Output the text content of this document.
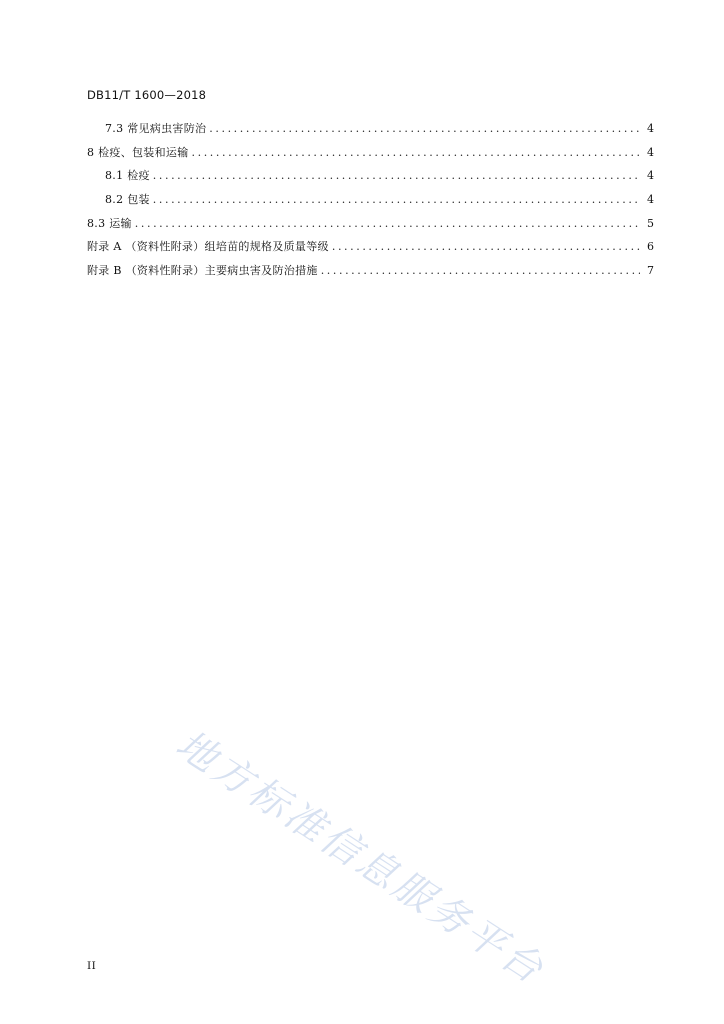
DB11/T 1600—2018
7.3 常见病虫害防治 .....	4
8 检疫、包装和运输 .....	4
8.1 检疫 .....	4
8.2 包装 .....	4
8.3 运输 .....	5
附录 A （资料性附录）组培苗的规格及质量等级 .....	6
附录 B （资料性附录）主要病虫害及防治措施 .....	7
地方标准信息服务平台
II
